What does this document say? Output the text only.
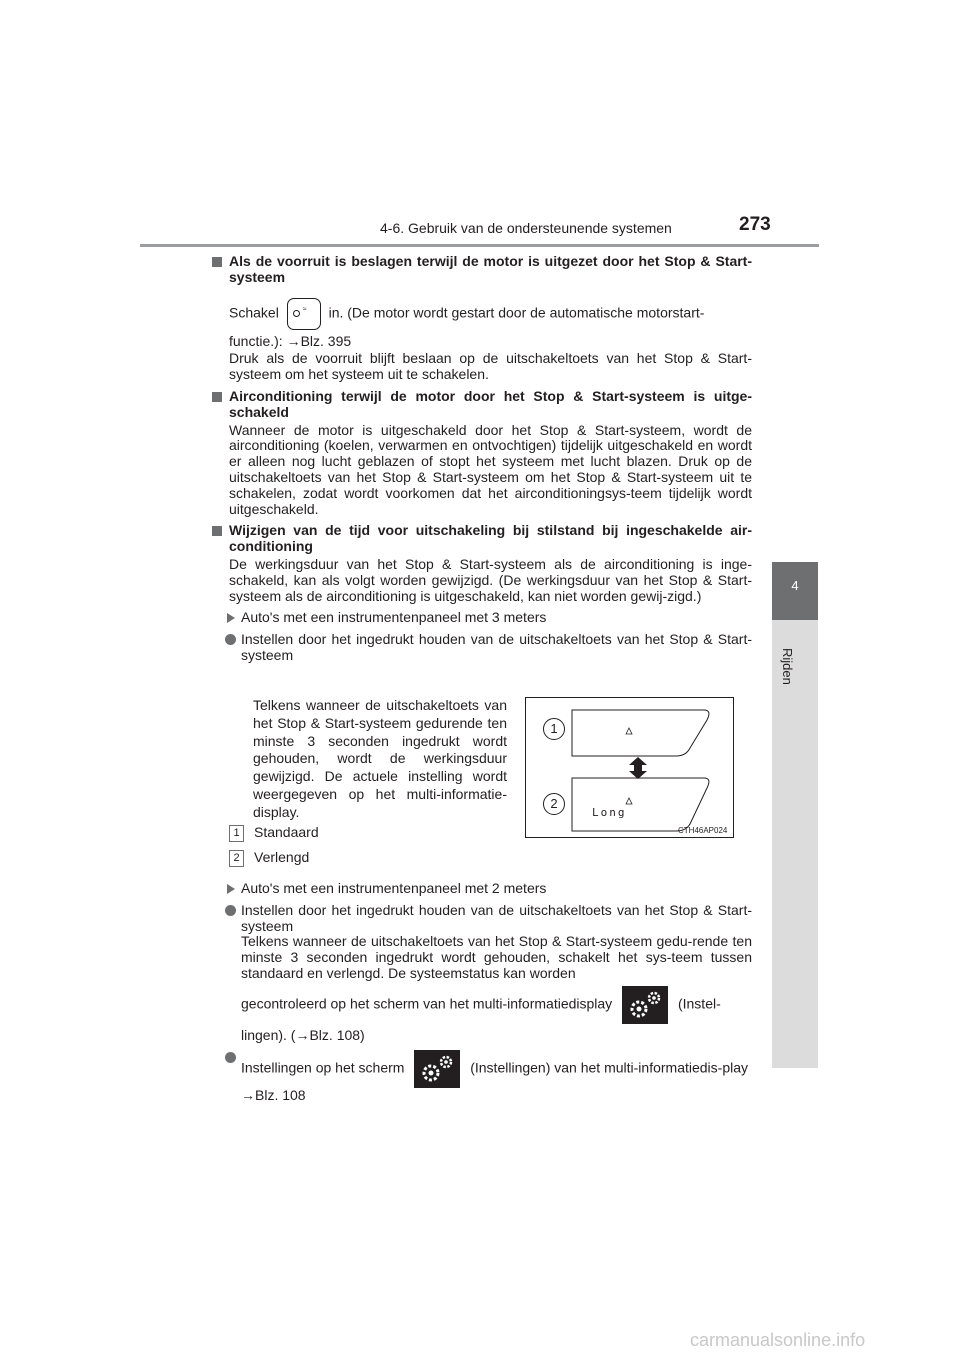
4-6. Gebruik van de ondersteunende systemen	273
4
Rijden
Als de voorruit is beslagen terwijl de motor is uitgezet door het Stop & Start-systeem
Schakel	≈ in. (De motor wordt gestart door de automatische motorstart-
functie.): →Blz. 395
Druk als de voorruit blijft beslaan op de uitschakeltoets van het Stop & Start-systeem om het systeem uit te schakelen.
Airconditioning terwijl de motor door het Stop & Start-systeem is uitge-schakeld
Wanneer de motor is uitgeschakeld door het Stop & Start-systeem, wordt de airconditioning (koelen, verwarmen en ontvochtigen) tijdelijk uitgeschakeld en wordt er alleen nog lucht geblazen of stopt het systeem met lucht blazen. Druk op de uitschakeltoets van het Stop & Start-systeem om het Stop & Start-systeem uit te schakelen, zodat wordt voorkomen dat het airconditioningsys-teem tijdelijk wordt uitgeschakeld.
Wijzigen van de tijd voor uitschakeling bij stilstand bij ingeschakelde air-conditioning
De werkingsduur van het Stop & Start-systeem als de airconditioning is inge-schakeld, kan als volgt worden gewijzigd. (De werkingsduur van het Stop & Start-systeem als de airconditioning is uitgeschakeld, kan niet worden gewij-zigd.)
Auto's met een instrumentenpaneel met 3 meters
Instellen door het ingedrukt houden van de uitschakeltoets van het Stop & Start-systeem
Telkens wanneer de uitschakeltoets van het Stop & Start-systeem gedurende ten minste 3 seconden ingedrukt wordt gehouden, wordt de werkingsduur gewijzigd. De actuele instelling wordt weergegeven op het multi-informatie-display.
1
2
Long
CTH46AP024
1 Standaard
2 Verlengd
Auto's met een instrumentenpaneel met 2 meters
Instellen door het ingedrukt houden van de uitschakeltoets van het Stop & Start-systeem
Telkens wanneer de uitschakeltoets van het Stop & Start-systeem gedu-rende ten minste 3 seconden ingedrukt wordt gehouden, schakelt het sys-teem tussen standaard en verlengd. De systeemstatus kan worden
gecontroleerd op het scherm van het multi-informatiedisplay	(Instel-
lingen). (→Blz. 108)
Instellingen op het scherm	(Instellingen) van het multi-informatiedis-play
→Blz. 108
carmanualsonline.info
